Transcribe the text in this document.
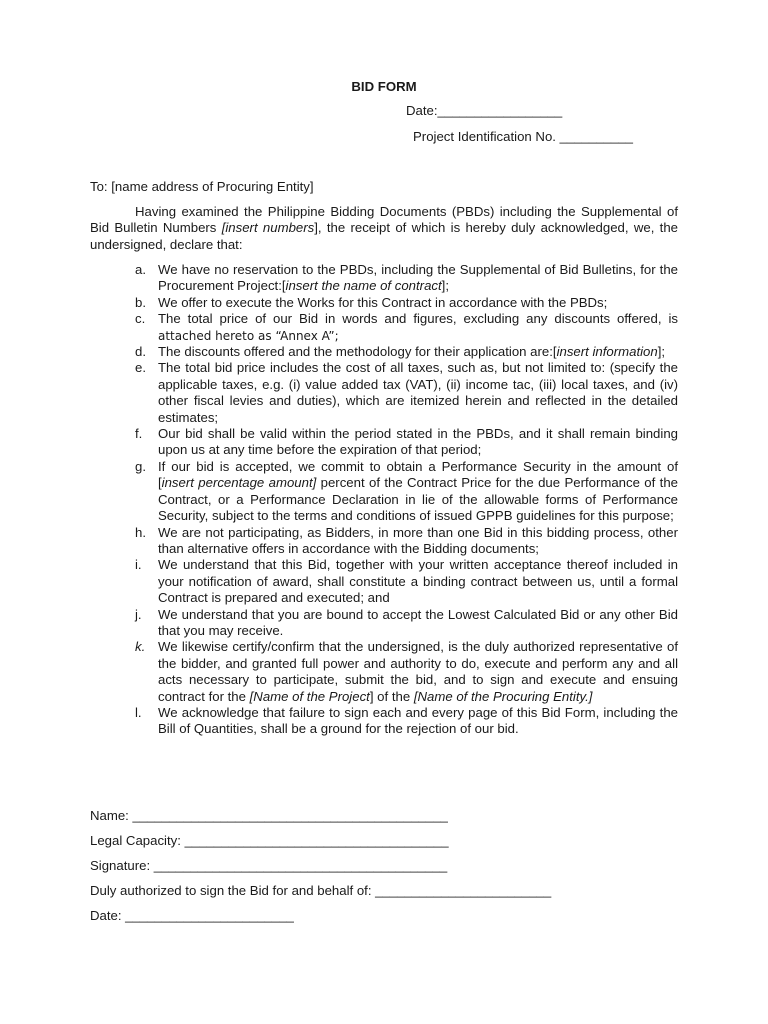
BID FORM
Date:_________________
Project Identification No. __________
To: [name address of Procuring Entity]

Having examined the Philippine Bidding Documents (PBDs) including the Supplemental of Bid Bulletin Numbers [insert numbers], the receipt of which is hereby duly acknowledged, we, the undersigned, declare that:

a. We have no reservation to the PBDs, including the Supplemental of Bid Bulletins, for the Procurement Project:[insert the name of contract];
b. We offer to execute the Works for this Contract in accordance with the PBDs;
c. The total price of our Bid in words and figures, excluding any discounts offered, is attached hereto as “Annex A”;
d. The discounts offered and the methodology for their application are:[insert information];
e. The total bid price includes the cost of all taxes, such as, but not limited to: (specify the applicable taxes, e.g. (i) value added tax (VAT), (ii) income tac, (iii) local taxes, and (iv) other fiscal levies and duties), which are itemized herein and reflected in the detailed estimates;
f. Our bid shall be valid within the period stated in the PBDs, and it shall remain binding upon us at any time before the expiration of that period;
g. If our bid is accepted, we commit to obtain a Performance Security in the amount of [insert percentage amount] percent of the Contract Price for the due Performance of the Contract, or a Performance Declaration in lie of the allowable forms of Performance Security, subject to the terms and conditions of issued GPPB guidelines for this purpose;
h. We are not participating, as Bidders, in more than one Bid in this bidding process, other than alternative offers in accordance with the Bidding documents;
i. We understand that this Bid, together with your written acceptance thereof included in your notification of award, shall constitute a binding contract between us, until a formal Contract is prepared and executed; and
j. We understand that you are bound to accept the Lowest Calculated Bid or any other Bid that you may receive.
k. We likewise certify/confirm that the undersigned, is the duly authorized representative of the bidder, and granted full power and authority to do, execute and perform any and all acts necessary to participate, submit the bid, and to sign and execute and ensuing contract for the [Name of the Project] of the [Name of the Procuring Entity.]
l. We acknowledge that failure to sign each and every page of this Bid Form, including the Bill of Quantities, shall be a ground for the rejection of our bid.
Name: ___________________________________________
Legal Capacity: ____________________________________
Signature: ________________________________________
Duly authorized to sign the Bid for and behalf of: ________________________
Date: _______________________
